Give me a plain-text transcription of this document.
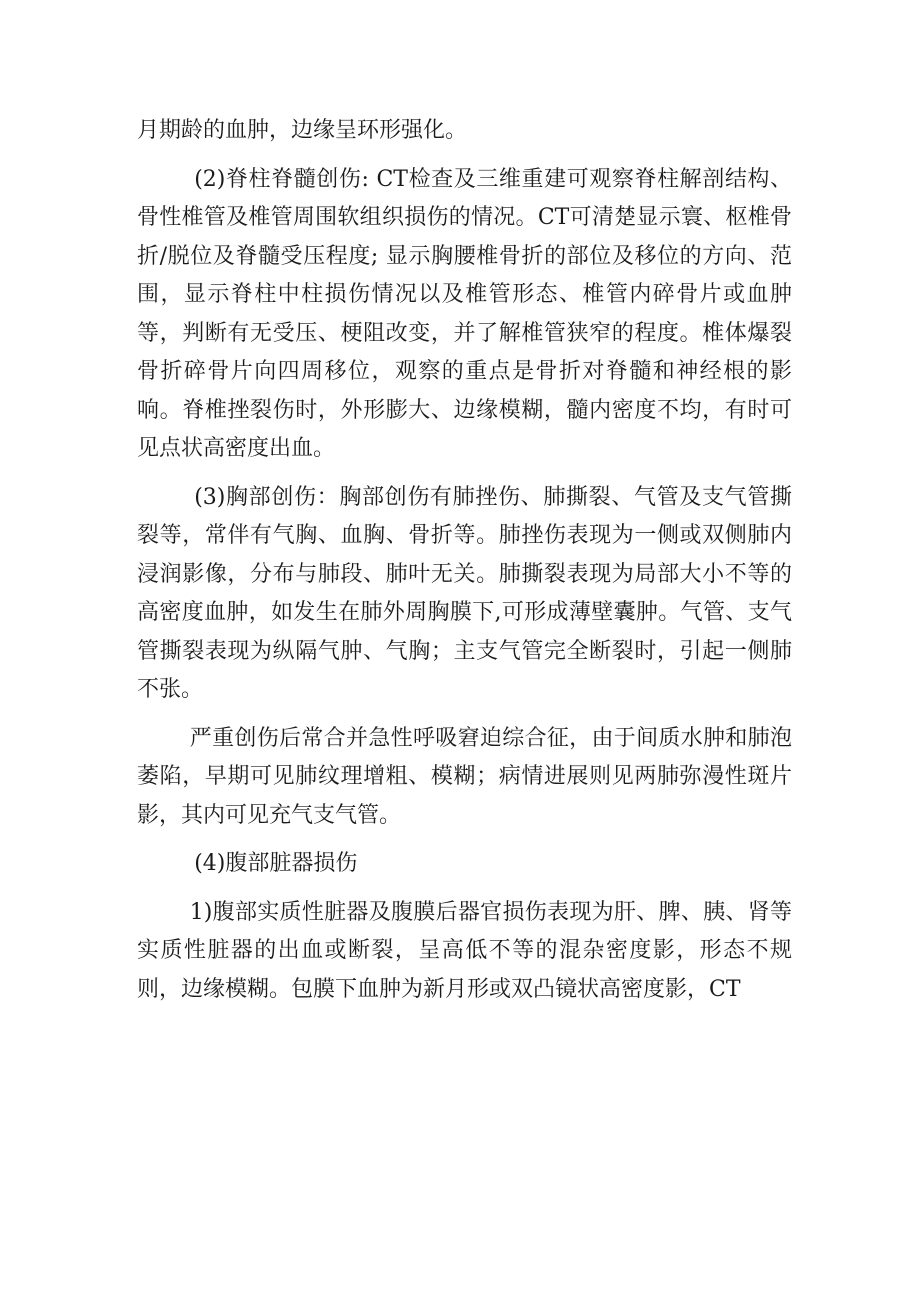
月期龄的血肿，边缘呈环形强化。

(2)脊柱脊髓创伤: CT检查及三维重建可观察脊柱解剖结构、骨性椎管及椎管周围软组织损伤的情况。CT可清楚显示寰、枢椎骨折/脱位及脊髓受压程度; 显示胸腰椎骨折的部位及移位的方向、范围，显示脊柱中柱损伤情况以及椎管形态、椎管内碎骨片或血肿等，判断有无受压、梗阻改变，并了解椎管狭窄的程度。椎体爆裂骨折碎骨片向四周移位，观察的重点是骨折对脊髓和神经根的影响。脊椎挫裂伤时，外形膨大、边缘模糊，髓内密度不均，有时可见点状高密度出血。

(3)胸部创伤：胸部创伤有肺挫伤、肺撕裂、气管及支气管撕裂等，常伴有气胸、血胸、骨折等。肺挫伤表现为一侧或双侧肺内浸润影像，分布与肺段、肺叶无关。肺撕裂表现为局部大小不等的高密度血肿，如发生在肺外周胸膜下,可形成薄壁囊肿。气管、支气管撕裂表现为纵隔气肿、气胸；主支气管完全断裂时，引起一侧肺不张。

严重创伤后常合并急性呼吸窘迫综合征，由于间质水肿和肺泡萎陷，早期可见肺纹理增粗、模糊；病情进展则见两肺弥漫性斑片影，其内可见充气支气管。

(4)腹部脏器损伤

1)腹部实质性脏器及腹膜后器官损伤表现为肝、脾、胰、肾等实质性脏器的出血或断裂，呈高低不等的混杂密度影，形态不规则，边缘模糊。包膜下血肿为新月形或双凸镜状高密度影，CT
